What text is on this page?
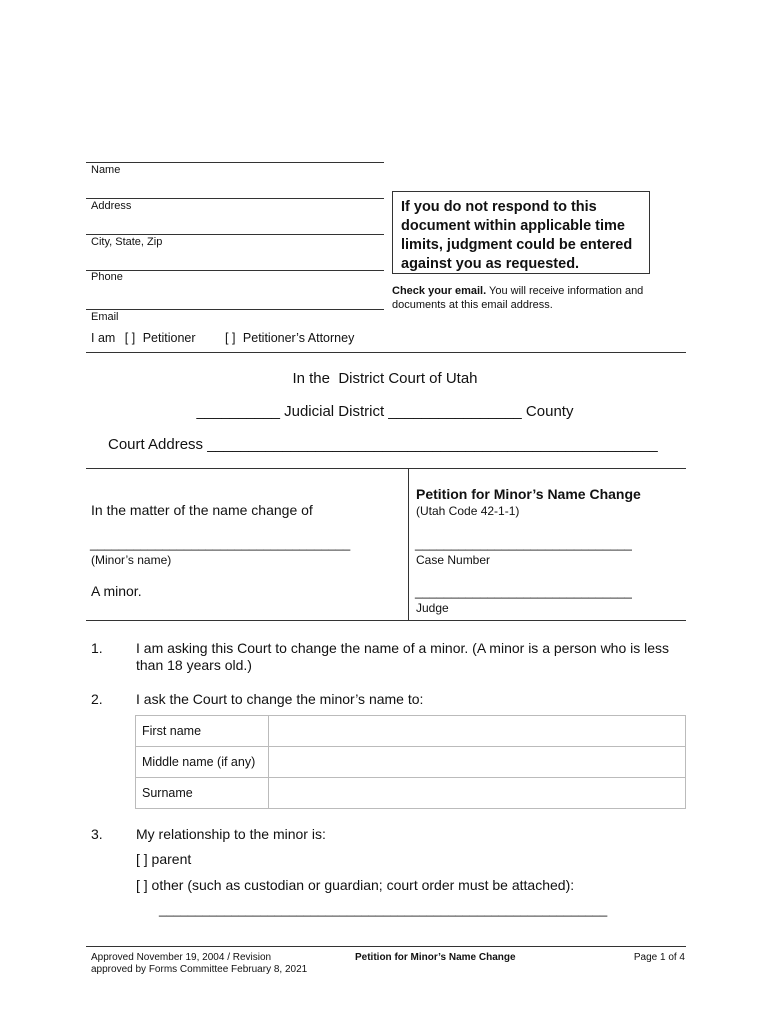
Name
Address
City, State, Zip
Phone
Email
I am [ ] Petitioner [ ] Petitioner’s Attorney
If you do not respond to this document within applicable time limits, judgment could be entered against you as requested.
Check your email. You will receive information and documents at this email address.
In the  District Court of Utah
__________ Judicial District ________________ County
Court Address ______________________________________________________
In the matter of the name change of
____________________________________
(Minor’s name)
A minor.
Petition for Minor’s Name Change
(Utah Code 42-1-1)
______________________________
Case Number
______________________________
Judge
1. I am asking this Court to change the name of a minor. (A minor is a person who is less than 18 years old.)
2. I ask the Court to change the minor’s name to:
First name	
Middle name (if any)	
Surname	
3. My relationship to the minor is:
[ ] parent
[ ] other (such as custodian or guardian; court order must be attached):
______________________________________________________________
Approved November 19, 2004 / Revision
approved by Forms Committee February 8, 2021
Petition for Minor’s Name Change	Page 1 of 4
